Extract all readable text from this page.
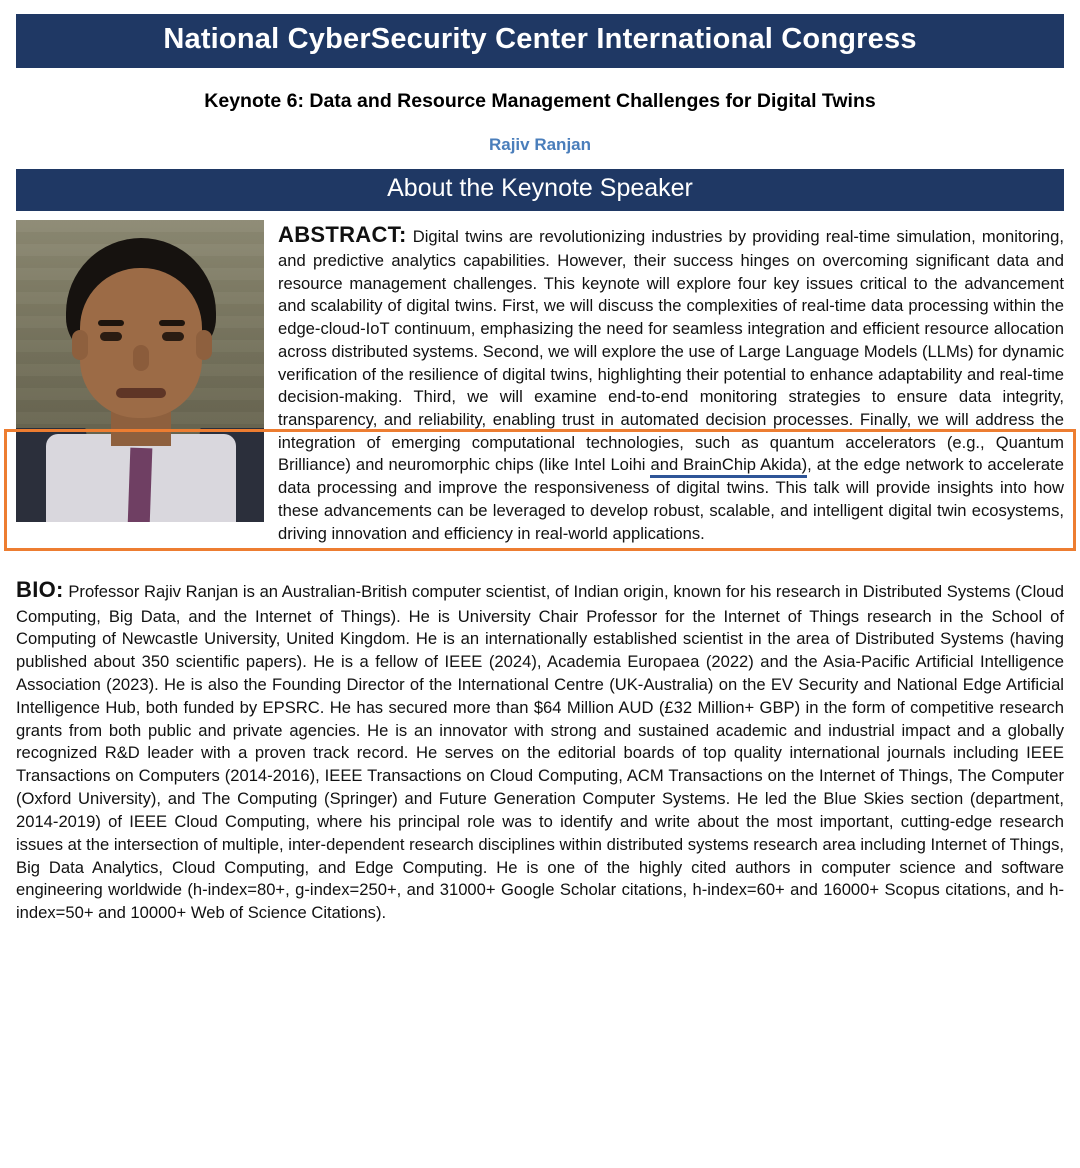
National CyberSecurity Center International Congress
Keynote 6: Data and Resource Management Challenges for Digital Twins
Rajiv Ranjan
About the Keynote Speaker
ABSTRACT: Digital twins are revolutionizing industries by providing real-time simulation, monitoring, and predictive analytics capabilities. However, their success hinges on overcoming significant data and resource management challenges. This keynote will explore four key issues critical to the advancement and scalability of digital twins. First, we will discuss the complexities of real-time data processing within the edge-cloud-IoT continuum, emphasizing the need for seamless integration and efficient resource allocation across distributed systems. Second, we will explore the use of Large Language Models (LLMs) for dynamic verification of the resilience of digital twins, highlighting their potential to enhance adaptability and real-time decision-making. Third, we will examine end-to-end monitoring strategies to ensure data integrity, transparency, and reliability, enabling trust in automated decision processes. Finally, we will address the integration of emerging computational technologies, such as quantum accelerators (e.g., Quantum Brilliance) and neuromorphic chips (like Intel Loihi and BrainChip Akida), at the edge network to accelerate data processing and improve the responsiveness of digital twins. This talk will provide insights into how these advancements can be leveraged to develop robust, scalable, and intelligent digital twin ecosystems, driving innovation and efficiency in real-world applications.
BIO: Professor Rajiv Ranjan is an Australian-British computer scientist, of Indian origin, known for his research in Distributed Systems (Cloud Computing, Big Data, and the Internet of Things). He is University Chair Professor for the Internet of Things research in the School of Computing of Newcastle University, United Kingdom. He is an internationally established scientist in the area of Distributed Systems (having published about 350 scientific papers). He is a fellow of IEEE (2024), Academia Europaea (2022) and the Asia-Pacific Artificial Intelligence Association (2023). He is also the Founding Director of the International Centre (UK-Australia) on the EV Security and National Edge Artificial Intelligence Hub, both funded by EPSRC. He has secured more than $64 Million AUD (£32 Million+ GBP) in the form of competitive research grants from both public and private agencies. He is an innovator with strong and sustained academic and industrial impact and a globally recognized R&D leader with a proven track record. He serves on the editorial boards of top quality international journals including IEEE Transactions on Computers (2014-2016), IEEE Transactions on Cloud Computing, ACM Transactions on the Internet of Things, The Computer (Oxford University), and The Computing (Springer) and Future Generation Computer Systems. He led the Blue Skies section (department, 2014-2019) of IEEE Cloud Computing, where his principal role was to identify and write about the most important, cutting-edge research issues at the intersection of multiple, inter-dependent research disciplines within distributed systems research area including Internet of Things, Big Data Analytics, Cloud Computing, and Edge Computing. He is one of the highly cited authors in computer science and software engineering worldwide (h-index=80+, g-index=250+, and 31000+ Google Scholar citations, h-index=60+ and 16000+ Scopus citations, and h-index=50+ and 10000+ Web of Science Citations).
